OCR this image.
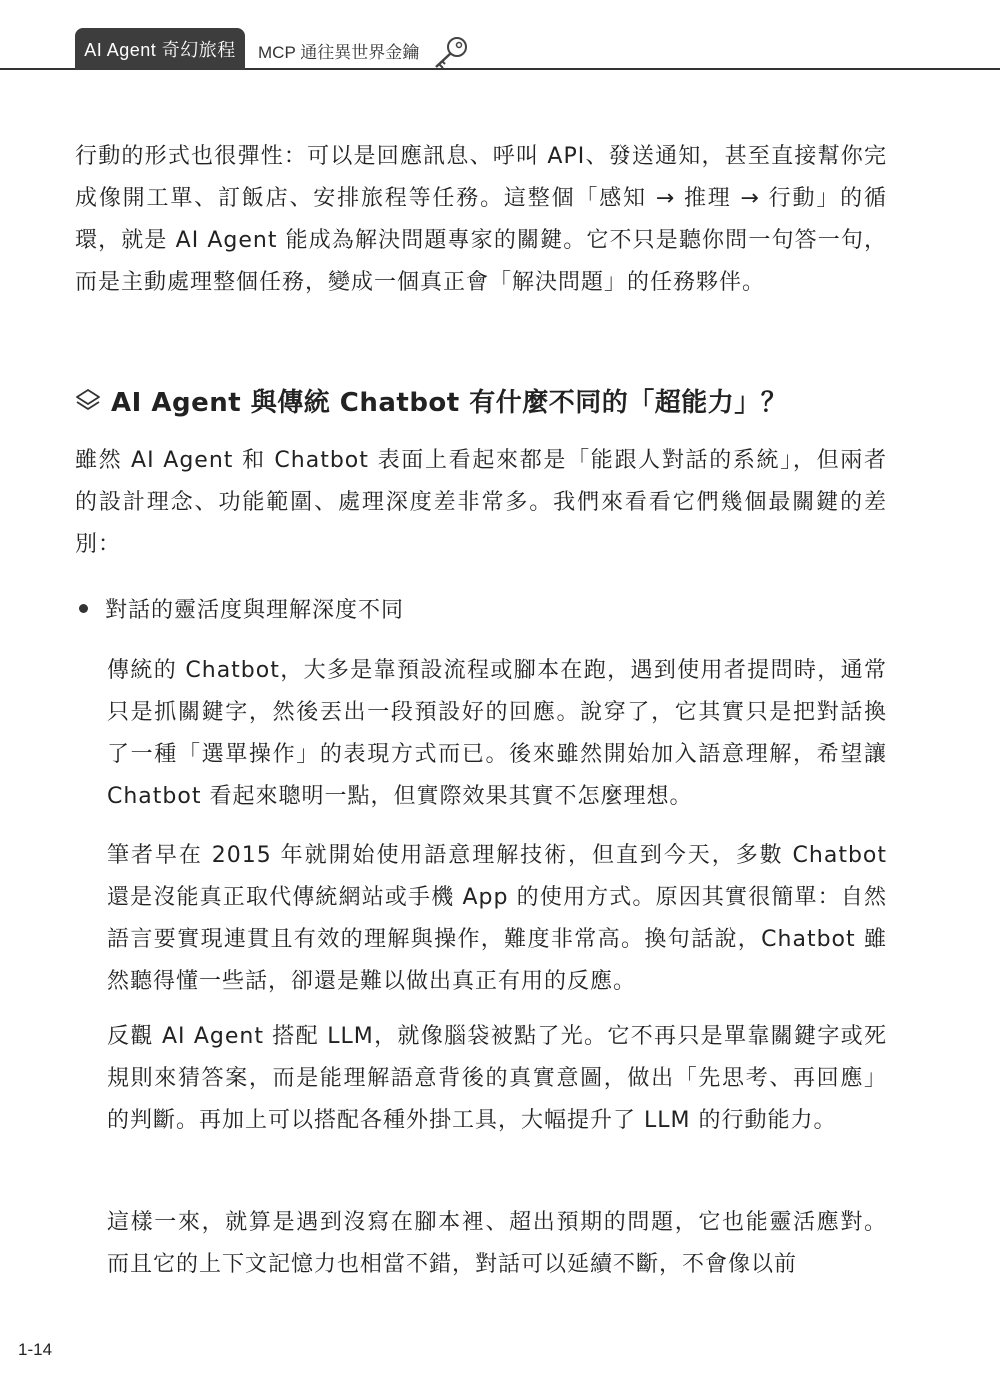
AI Agent 奇幻旅程	MCP 通往異世界金鑰

行動的形式也很彈性：可以是回應訊息、呼叫 API、發送通知，甚至直接幫你完成像開工單、訂飯店、安排旅程等任務。這整個「感知 → 推理 → 行動」的循環，就是 AI Agent 能成為解決問題專家的關鍵。它不只是聽你問一句答一句，而是主動處理整個任務，變成一個真正會「解決問題」的任務夥伴。

AI Agent 與傳統 Chatbot 有什麼不同的「超能力」？

雖然 AI Agent 和 Chatbot 表面上看起來都是「能跟人對話的系統」，但兩者的設計理念、功能範圍、處理深度差非常多。我們來看看它們幾個最關鍵的差別：

對話的靈活度與理解深度不同

傳統的 Chatbot，大多是靠預設流程或腳本在跑，遇到使用者提問時，通常只是抓關鍵字，然後丟出一段預設好的回應。說穿了，它其實只是把對話換了一種「選單操作」的表現方式而已。後來雖然開始加入語意理解，希望讓 Chatbot 看起來聰明一點，但實際效果其實不怎麼理想。

筆者早在 2015 年就開始使用語意理解技術，但直到今天，多數 Chatbot 還是沒能真正取代傳統網站或手機 App 的使用方式。原因其實很簡單：自然語言要實現連貫且有效的理解與操作，難度非常高。換句話說，Chatbot 雖然聽得懂一些話，卻還是難以做出真正有用的反應。

反觀 AI Agent 搭配 LLM，就像腦袋被點了光。它不再只是單靠關鍵字或死規則來猜答案，而是能理解語意背後的真實意圖，做出「先思考、再回應」的判斷。再加上可以搭配各種外掛工具，大幅提升了 LLM 的行動能力。

這樣一來，就算是遇到沒寫在腳本裡、超出預期的問題，它也能靈活應對。而且它的上下文記憶力也相當不錯，對話可以延續不斷，不會像以前

1-14
